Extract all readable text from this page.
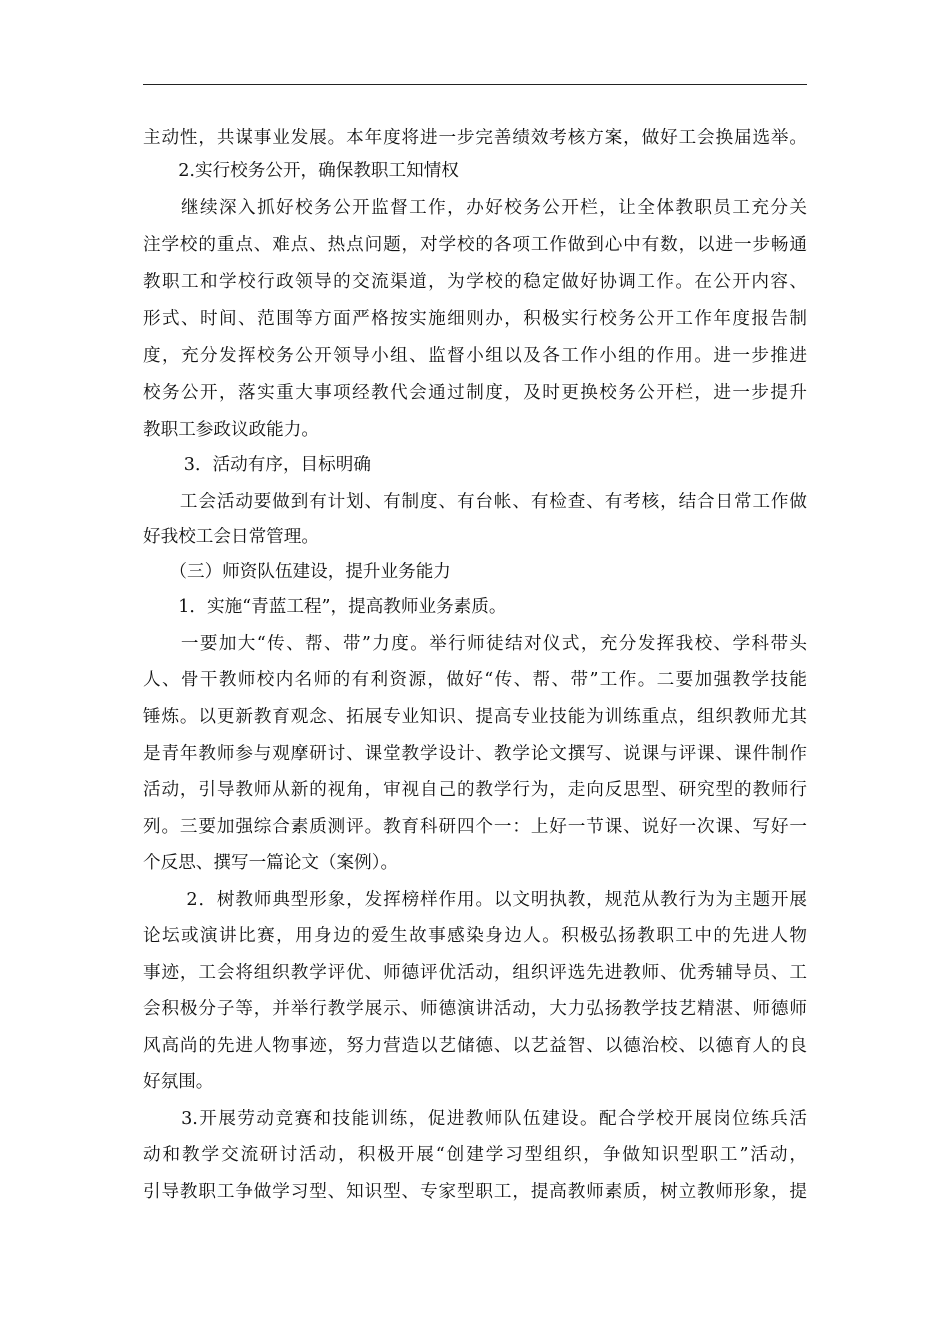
主动性，共谋事业发展。本年度将进一步完善绩效考核方案，做好工会换届选举。
　　2.实行校务公开，确保教职工知情权
　　继续深入抓好校务公开监督工作，办好校务公开栏，让全体教职员工充分关
注学校的重点、难点、热点问题，对学校的各项工作做到心中有数，以进一步畅通
教职工和学校行政领导的交流渠道，为学校的稳定做好协调工作。在公开内容、
形式、时间、范围等方面严格按实施细则办，积极实行校务公开工作年度报告制
度，充分发挥校务公开领导小组、监督小组以及各工作小组的作用。进一步推进
校务公开，落实重大事项经教代会通过制度，及时更换校务公开栏，进一步提升
教职工参政议政能力。
　　 3．活动有序，目标明确
　　工会活动要做到有计划、有制度、有台帐、有检查、有考核，结合日常工作做
好我校工会日常管理。
　　（三）师资队伍建设，提升业务能力
　　1．实施“青蓝工程”，提高教师业务素质。
　　一要加大“传、帮、带”力度。举行师徒结对仪式，充分发挥我校、学科带头
人、骨干教师校内名师的有利资源，做好“传、帮、带”工作。二要加强教学技能
锤炼。以更新教育观念、拓展专业知识、提高专业技能为训练重点，组织教师尤其
是青年教师参与观摩研讨、课堂教学设计、教学论文撰写、说课与评课、课件制作
活动，引导教师从新的视角，审视自己的教学行为，走向反思型、研究型的教师行
列。三要加强综合素质测评。教育科研四个一：上好一节课、说好一次课、写好一
个反思、撰写一篇论文（案例）。
　　 2．树教师典型形象，发挥榜样作用。以文明执教，规范从教行为为主题开展
论坛或演讲比赛，用身边的爱生故事感染身边人。积极弘扬教职工中的先进人物
事迹，工会将组织教学评优、师德评优活动，组织评选先进教师、优秀辅导员、工
会积极分子等，并举行教学展示、师德演讲活动，大力弘扬教学技艺精湛、师德师
风高尚的先进人物事迹，努力营造以艺储德、以艺益智、以德治校、以德育人的良
好氛围。
　　3.开展劳动竞赛和技能训练，促进教师队伍建设。配合学校开展岗位练兵活
动和教学交流研讨活动，积极开展“创建学习型组织，争做知识型职工”活动，
引导教职工争做学习型、知识型、专家型职工，提高教师素质，树立教师形象，提
